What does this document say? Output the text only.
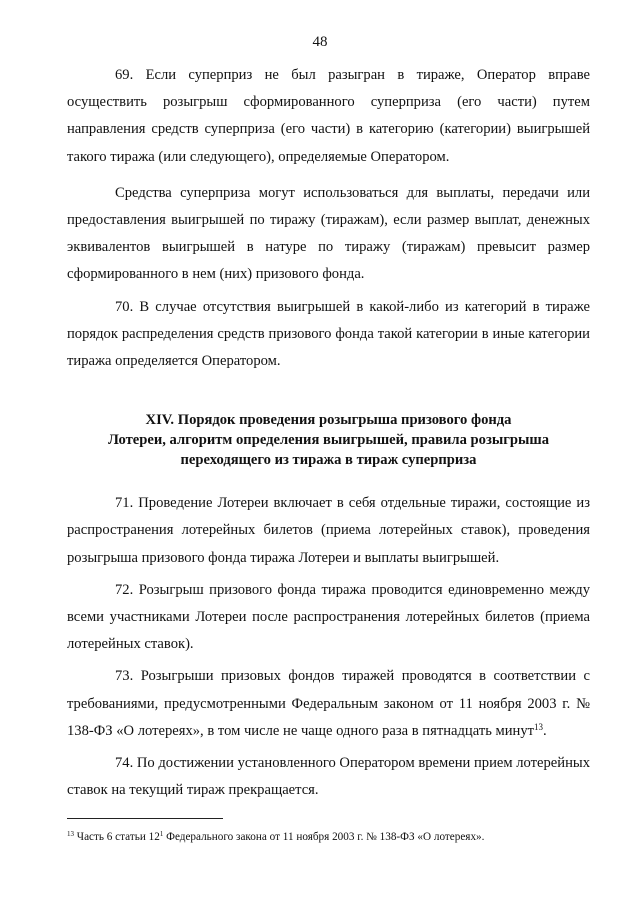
48

69. Если суперприз не был разыгран в тираже, Оператор вправе осуществить розыгрыш сформированного суперприза (его части) путем направления средств суперприза (его части) в категорию (категории) выигрышей такого тиража (или следующего), определяемые Оператором.

Средства суперприза могут использоваться для выплаты, передачи или предоставления выигрышей по тиражу (тиражам), если размер выплат, денежных эквивалентов выигрышей в натуре по тиражу (тиражам) превысит размер сформированного в нем (них) призового фонда.

70. В случае отсутствия выигрышей в какой-либо из категорий в тираже порядок распределения средств призового фонда такой категории в иные категории тиража определяется Оператором.

XIV. Порядок проведения розыгрыша призового фонда
Лотереи, алгоритм определения выигрышей, правила розыгрыша
переходящего из тиража в тираж суперприза

71. Проведение Лотереи включает в себя отдельные тиражи, состоящие из распространения лотерейных билетов (приема лотерейных ставок), проведения розыгрыша призового фонда тиража Лотереи и выплаты выигрышей.

72. Розыгрыш призового фонда тиража проводится единовременно между всеми участниками Лотереи после распространения лотерейных билетов (приема лотерейных ставок).

73. Розыгрыши призовых фондов тиражей проводятся в соответствии с требованиями, предусмотренными Федеральным законом от 11 ноября 2003 г. № 138-ФЗ «О лотереях», в том числе не чаще одного раза в пятнадцать минут$^{13}$.

74. По достижении установленного Оператором времени прием лотерейных ставок на текущий тираж прекращается.

$^{13}$ Часть 6 статьи $12^1$ Федерального закона от 11 ноября 2003 г. № 138-ФЗ «О лотереях».
